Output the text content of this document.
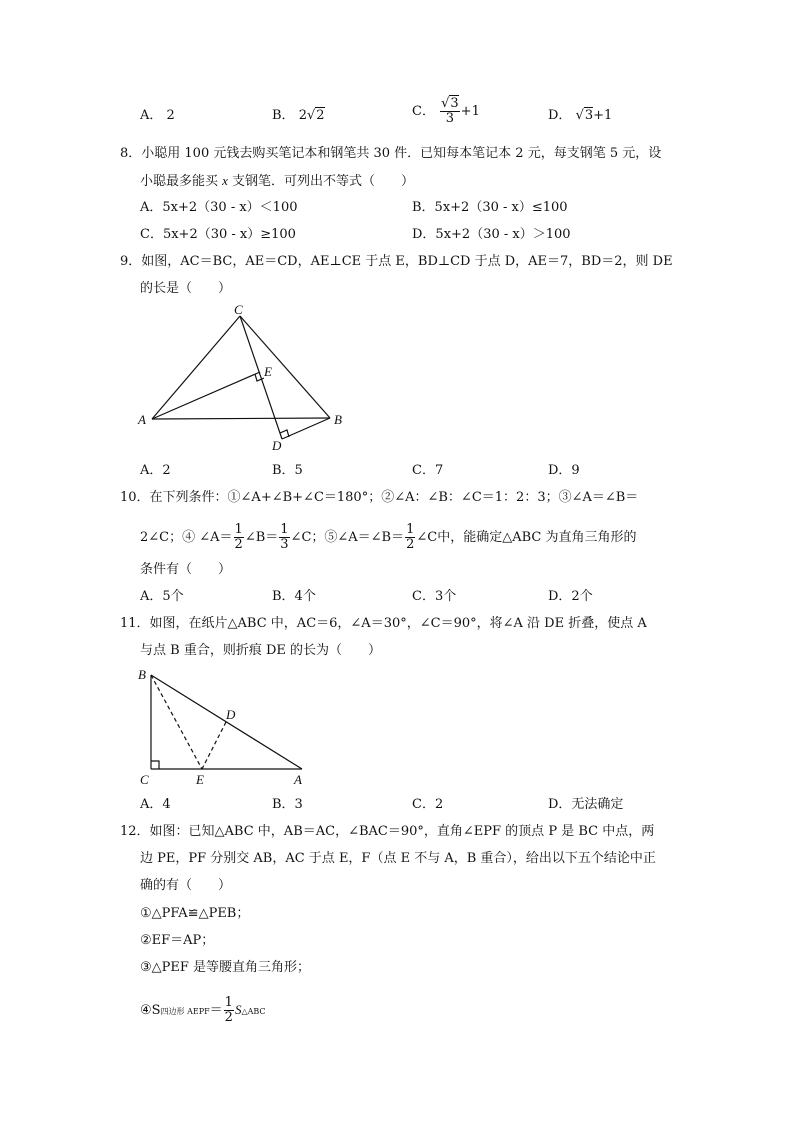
A． 2	B． 2√2	C． $\frac{√3}{3} +1$	D． √3+1
8．小聪用 100 元钱去购买笔记本和钢笔共 30 件．已知每本笔记本 2 元，每支钢笔 5 元，设
小聪最多能买 x 支钢笔．可列出不等式（　　）
A．5x+2（30 - x）＜100	B．5x+2（30 - x）≤100
C．5x+2（30 - x）≥100	D．5x+2（30 - x）＞100
9．如图，AC＝BC，AE＝CD，AE⊥CE 于点 E，BD⊥CD 于点 D，AE＝7，BD＝2，则 DE
的长是（　　）
C
E
A	B
D
A．2	B．5	C．7	D．9
10．在下列条件：①∠A+∠B+∠C＝180°；②∠A：∠B：∠C＝1：2：3；③∠A＝∠B＝
2∠C；④ ∠A＝ $\frac{1}{2}$ ∠B＝ $\frac{1}{3}$ ∠C；⑤∠A＝∠B＝ $\frac{1}{2}$ ∠C中，能确定△ABC 为直角三角形的
条件有（　　）
A．5个	B．4个	C．3个	D．2个
11．如图，在纸片△ABC 中，AC＝6，∠A＝30°，∠C＝90°，将∠A 沿 DE 折叠，使点 A
与点 B 重合，则折痕 DE 的长为（　　）
B
D
C	E	A
A．4	B．3	C．2	D．无法确定
12．如图：已知△ABC 中，AB＝AC，∠BAC＝90°，直角∠EPF 的顶点 P 是 BC 中点，两
边 PE，PF 分别交 AB，AC 于点 E，F（点 E 不与 A，B 重合），给出以下五个结论中正
确的有（　　）
①△PFA≌△PEB；
②EF＝AP；
③△PEF 是等腰直角三角形；
④S四边形 AEPF＝ $\frac{1}{2}$ S△ABC
